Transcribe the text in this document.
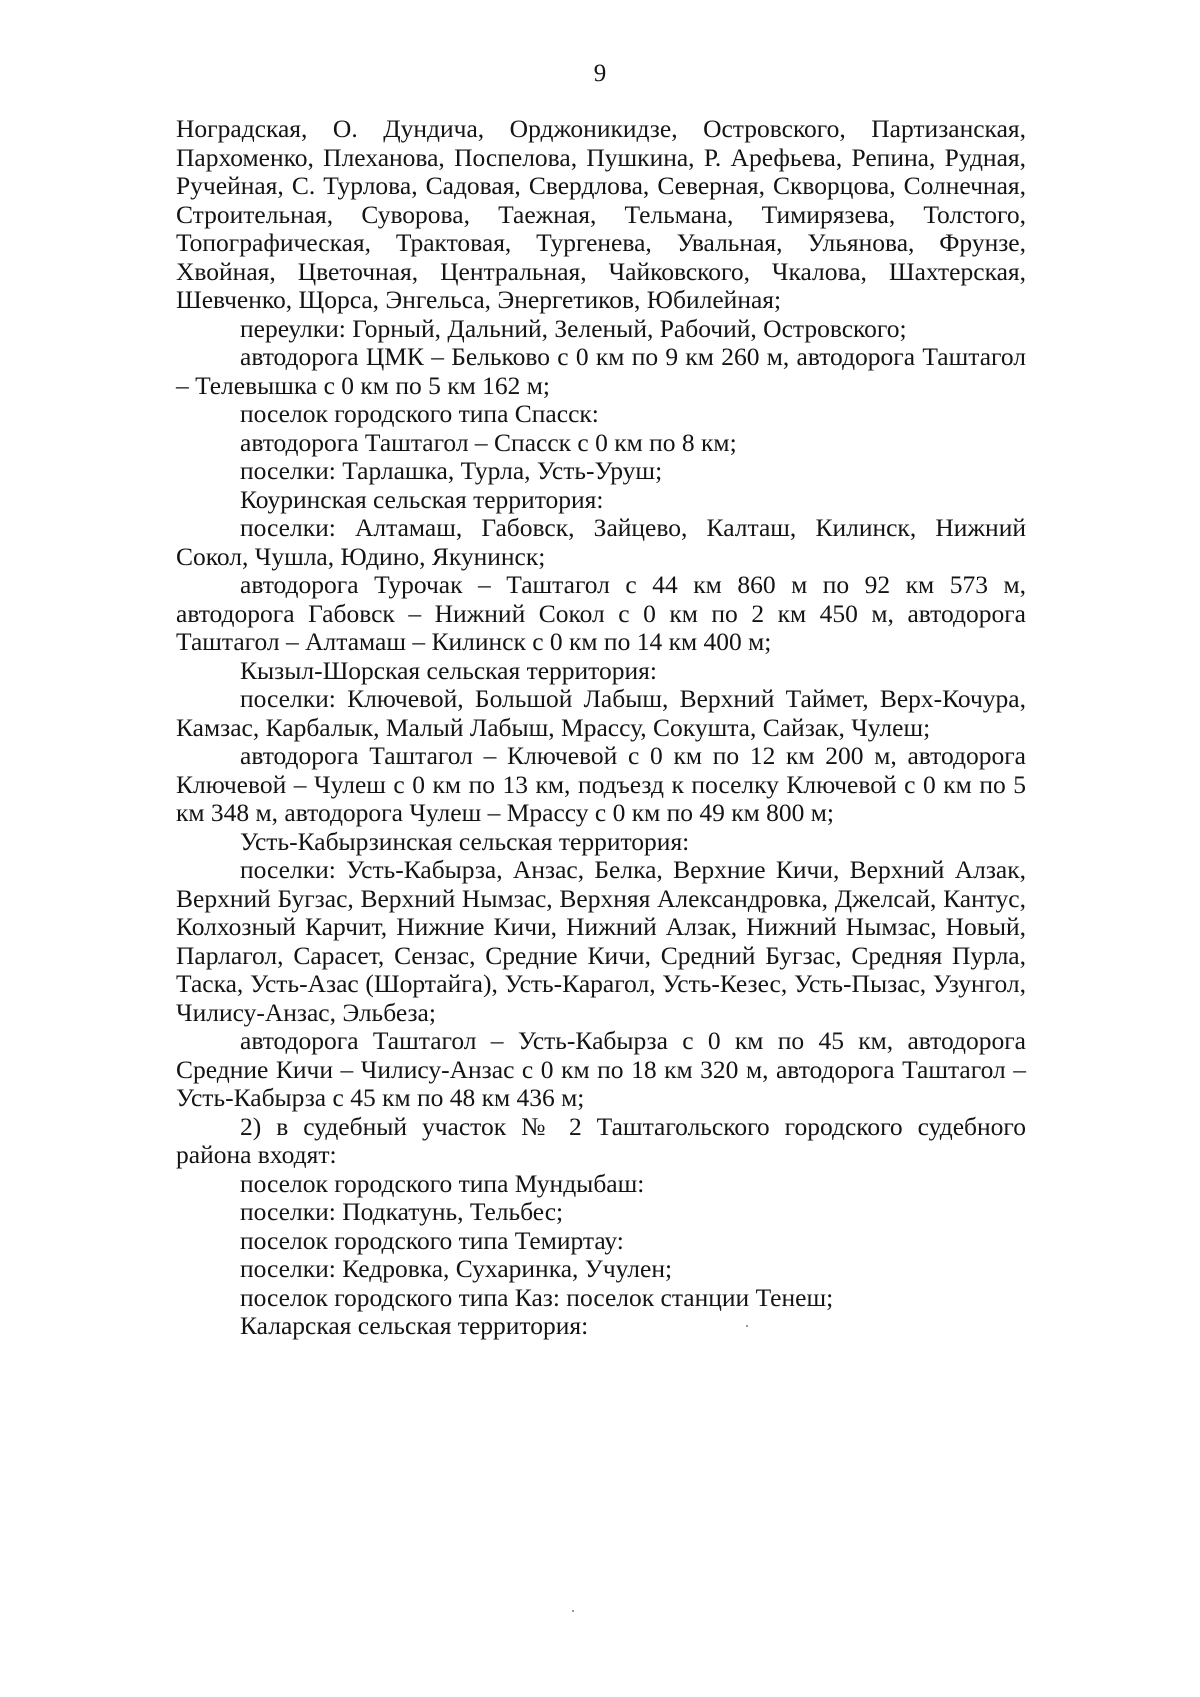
9

Ноградская, О. Дундича, Орджоникидзе, Островского, Партизанская, Пархоменко, Плеханова, Поспелова, Пушкина, Р. Арефьева, Репина, Рудная, Ручейная, С. Турлова, Садовая, Свердлова, Северная, Скворцова, Солнечная, Строительная, Суворова, Таежная, Тельмана, Тимирязева, Толстого, Топографическая, Трактовая, Тургенева, Увальная, Ульянова, Фрунзе, Хвойная, Цветочная, Центральная, Чайковского, Чкалова, Шахтерская, Шевченко, Щорса, Энгельса, Энергетиков, Юбилейная;

переулки: Горный, Дальний, Зеленый, Рабочий, Островского;

автодорога ЦМК – Бельково с 0 км по 9 км 260 м, автодорога Таштагол – Телевышка с 0 км по 5 км 162 м;

поселок городского типа Спасск:

автодорога Таштагол – Спасск с 0 км по 8 км;

поселки: Тарлашка, Турла, Усть-Уруш;

Коуринская сельская территория:

поселки: Алтамаш, Габовск, Зайцево, Калташ, Килинск, Нижний Сокол, Чушла, Юдино, Якунинск;

автодорога Турочак – Таштагол с 44 км 860 м по 92 км 573 м, автодорога Габовск – Нижний Сокол с 0 км по 2 км 450 м, автодорога Таштагол – Алтамаш – Килинск с 0 км по 14 км 400 м;

Кызыл-Шорская сельская территория:

поселки: Ключевой, Большой Лабыш, Верхний Таймет, Верх-Кочура, Камзас, Карбалык, Малый Лабыш, Мрассу, Сокушта, Сайзак, Чулеш;

автодорога Таштагол – Ключевой с 0 км по 12 км 200 м, автодорога Ключевой – Чулеш с 0 км по 13 км, подъезд к поселку Ключевой с 0 км по 5 км 348 м, автодорога Чулеш – Мрассу с 0 км по 49 км 800 м;

Усть-Кабырзинская сельская территория:

поселки: Усть-Кабырза, Анзас, Белка, Верхние Кичи, Верхний Алзак, Верхний Бугзас, Верхний Нымзас, Верхняя Александровка, Джелсай, Кантус, Колхозный Карчит, Нижние Кичи, Нижний Алзак, Нижний Нымзас, Новый, Парлагол, Сарасет, Сензас, Средние Кичи, Средний Бугзас, Средняя Пурла, Таска, Усть-Азас (Шортайга), Усть-Карагол, Усть-Кезес, Усть-Пызас, Узунгол, Чилису-Анзас, Эльбеза;

автодорога Таштагол – Усть-Кабырза с 0 км по 45 км, автодорога Средние Кичи – Чилису-Анзас с 0 км по 18 км 320 м, автодорога Таштагол – Усть-Кабырза с 45 км по 48 км 436 м;

2) в судебный участок № 2 Таштагольского городского судебного района входят:

поселок городского типа Мундыбаш:

поселки: Подкатунь, Тельбес;

поселок городского типа Темиртау:

поселки: Кедровка, Сухаринка, Учулен;

поселок городского типа Каз: поселок станции Тенеш;

Каларская сельская территория:
